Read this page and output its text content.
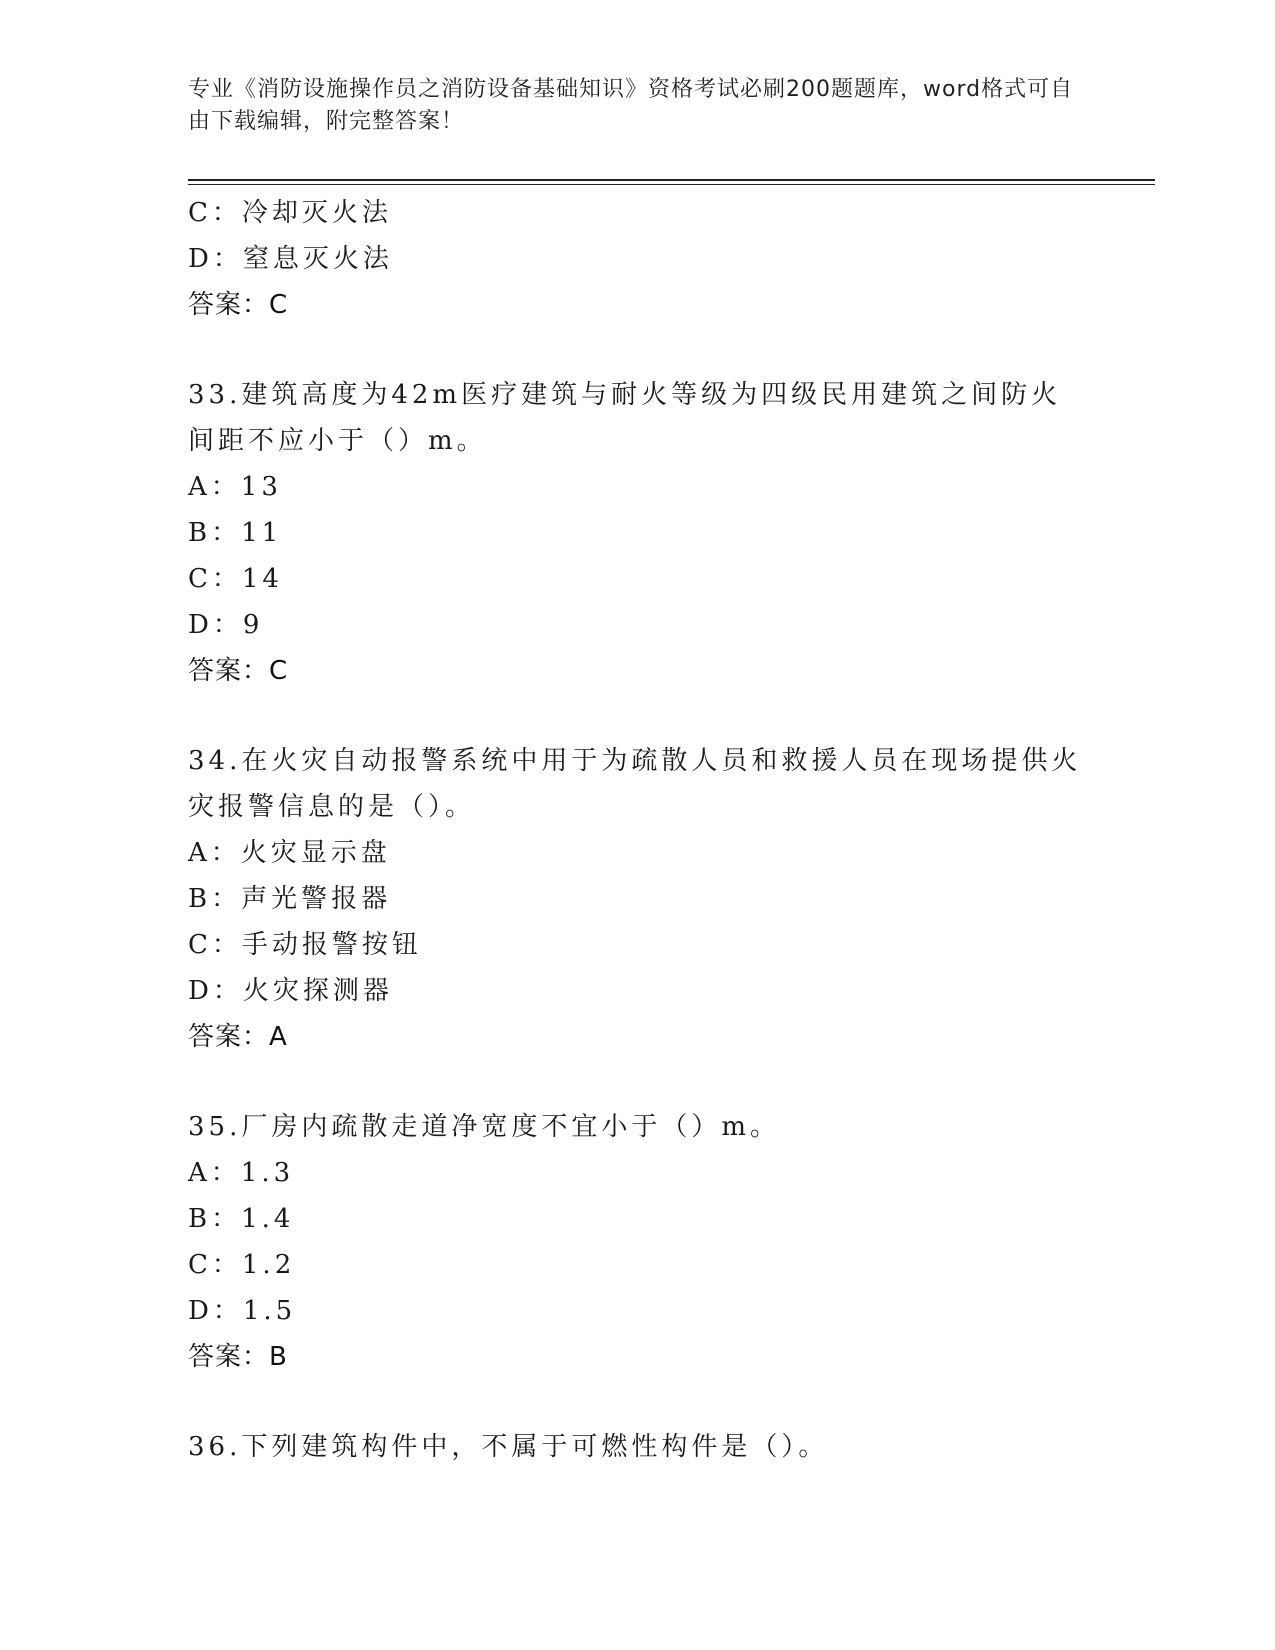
专业《消防设施操作员之消防设备基础知识》资格考试必刷200题题库，word格式可自由下载编辑，附完整答案！
C：冷却灭火法
D：窒息灭火法
答案：C
33.建筑高度为42m医疗建筑与耐火等级为四级民用建筑之间防火间距不应小于（）m。
A：13
B：11
C：14
D：9
答案：C
34.在火灾自动报警系统中用于为疏散人员和救援人员在现场提供火灾报警信息的是（）。
A：火灾显示盘
B：声光警报器
C：手动报警按钮
D：火灾探测器
答案：A
35.厂房内疏散走道净宽度不宜小于（）m。
A：1.3
B：1.4
C：1.2
D：1.5
答案：B
36.下列建筑构件中，不属于可燃性构件是（）。
